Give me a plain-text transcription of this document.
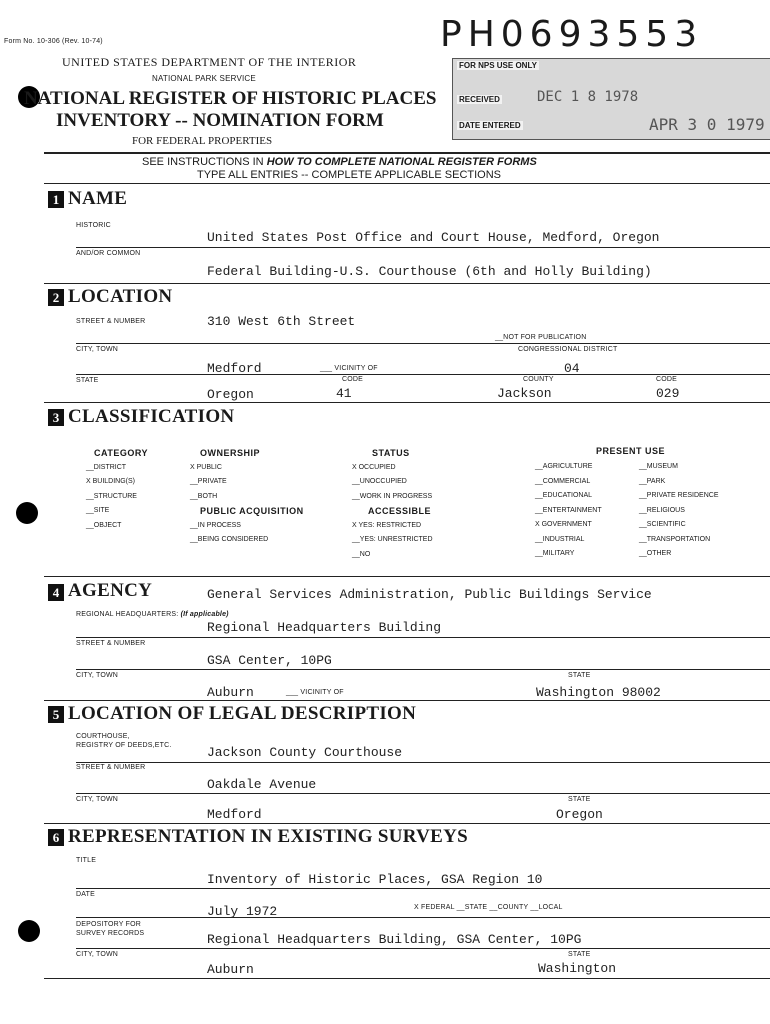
Form No. 10-306 (Rev. 10-74)
UNITED STATES DEPARTMENT OF THE INTERIOR
NATIONAL PARK SERVICE
NATIONAL REGISTER OF HISTORIC PLACES
INVENTORY -- NOMINATION FORM
FOR FEDERAL PROPERTIES
PH0693553
FOR NPS USE ONLY
RECEIVED	DEC 1 8 1978
DATE ENTERED	APR 3 0 1979
SEE INSTRUCTIONS IN HOW TO COMPLETE NATIONAL REGISTER FORMS
TYPE ALL ENTRIES -- COMPLETE APPLICABLE SECTIONS
1 NAME
HISTORIC
United States Post Office and Court House, Medford, Oregon
AND/OR COMMON
Federal Building-U.S. Courthouse (6th and Holly Building)
2 LOCATION
STREET & NUMBER	310 West 6th Street
__NOT FOR PUBLICATION
CITY, TOWN	CONGRESSIONAL DISTRICT
Medford	___ VICINITY OF	04
STATE	CODE	COUNTY	CODE
Oregon	41	Jackson	029
3 CLASSIFICATION
CATEGORY
__DISTRICT
X BUILDING(S)
__STRUCTURE
__SITE
__OBJECT
OWNERSHIP
X PUBLIC
__PRIVATE
__BOTH
PUBLIC ACQUISITION
__IN PROCESS
__BEING CONSIDERED
STATUS
X OCCUPIED
__UNOCCUPIED
__WORK IN PROGRESS
ACCESSIBLE
X YES: RESTRICTED
__YES: UNRESTRICTED
__NO
PRESENT USE
__AGRICULTURE
__COMMERCIAL
__EDUCATIONAL
__ENTERTAINMENT
X GOVERNMENT
__INDUSTRIAL
__MILITARY
__MUSEUM
__PARK
__PRIVATE RESIDENCE
__RELIGIOUS
__SCIENTIFIC
__TRANSPORTATION
__OTHER
4 AGENCY	General Services Administration, Public Buildings Service
REGIONAL HEADQUARTERS: (If applicable)
Regional Headquarters Building
STREET & NUMBER
GSA Center, 10PG
CITY, TOWN	STATE
Auburn	___ VICINITY OF	Washington 98002
5 LOCATION OF LEGAL DESCRIPTION
COURTHOUSE,
REGISTRY OF DEEDS,ETC.	Jackson County Courthouse
STREET & NUMBER
Oakdale Avenue
CITY, TOWN	STATE
Medford	Oregon
6 REPRESENTATION IN EXISTING SURVEYS
TITLE
Inventory of Historic Places, GSA Region 10
DATE
July 1972	X FEDERAL __STATE __COUNTY __LOCAL
DEPOSITORY FOR
SURVEY RECORDS	Regional Headquarters Building, GSA Center, 10PG
CITY, TOWN	STATE
Auburn	Washington
